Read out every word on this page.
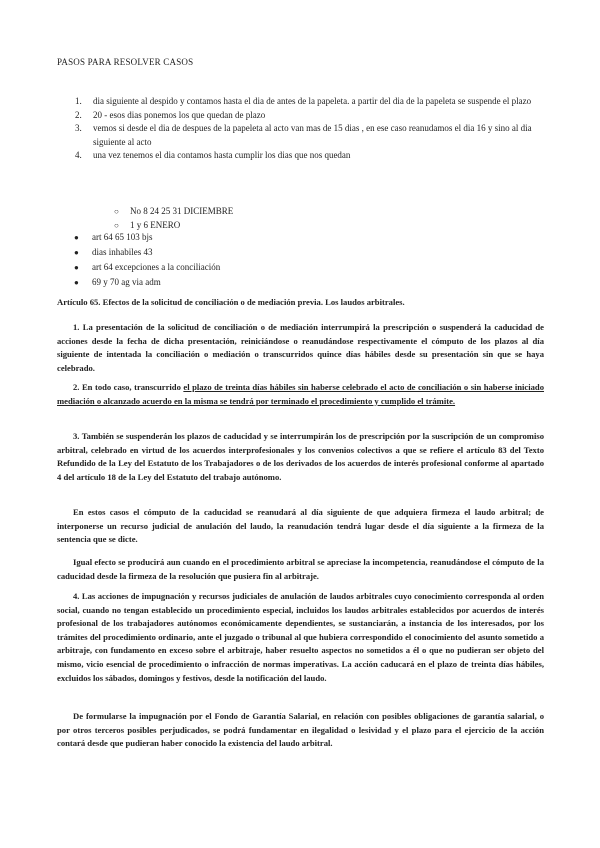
PASOS PARA RESOLVER CASOS
1. dia siguiente al despido y contamos hasta el dia de antes de la papeleta. a partir del dia de la papeleta se suspende el plazo
2. 20 - esos dias ponemos los que quedan de plazo
3. vemos si desde el dia de despues de la papeleta al acto van mas de 15 dias , en ese caso reanudamos el dia 16 y sino al dia siguiente al acto
4. una vez tenemos el dia contamos hasta cumplir los dias que nos quedan
○ No 8 24 25 31 DICIEMBRE
○ 1 y 6 ENERO
● art 64 65 103 bjs
● dias inhabiles 43
● art 64 excepciones a la conciliación
● 69 y 70 ag via adm
Artículo 65. Efectos de la solicitud de conciliación o de mediación previa. Los laudos arbitrales.
1. La presentación de la solicitud de conciliación o de mediación interrumpirá la prescripción o suspenderá la caducidad de acciones desde la fecha de dicha presentación, reiniciándose o reanudándose respectivamente el cómputo de los plazos al día siguiente de intentada la conciliación o mediación o transcurridos quince días hábiles desde su presentación sin que se haya celebrado.
2. En todo caso, transcurrido el plazo de treinta días hábiles sin haberse celebrado el acto de conciliación o sin haberse iniciado mediación o alcanzado acuerdo en la misma se tendrá por terminado el procedimiento y cumplido el trámite.
3. También se suspenderán los plazos de caducidad y se interrumpirán los de prescripción por la suscripción de un compromiso arbitral, celebrado en virtud de los acuerdos interprofesionales y los convenios colectivos a que se refiere el artículo 83 del Texto Refundido de la Ley del Estatuto de los Trabajadores o de los derivados de los acuerdos de interés profesional conforme al apartado 4 del artículo 18 de la Ley del Estatuto del trabajo autónomo.
En estos casos el cómputo de la caducidad se reanudará al día siguiente de que adquiera firmeza el laudo arbitral; de interponerse un recurso judicial de anulación del laudo, la reanudación tendrá lugar desde el día siguiente a la firmeza de la sentencia que se dicte.
Igual efecto se producirá aun cuando en el procedimiento arbitral se apreciase la incompetencia, reanudándose el cómputo de la caducidad desde la firmeza de la resolución que pusiera fin al arbitraje.
4. Las acciones de impugnación y recursos judiciales de anulación de laudos arbitrales cuyo conocimiento corresponda al orden social, cuando no tengan establecido un procedimiento especial, incluidos los laudos arbitrales establecidos por acuerdos de interés profesional de los trabajadores autónomos económicamente dependientes, se sustanciarán, a instancia de los interesados, por los trámites del procedimiento ordinario, ante el juzgado o tribunal al que hubiera correspondido el conocimiento del asunto sometido a arbitraje, con fundamento en exceso sobre el arbitraje, haber resuelto aspectos no sometidos a él o que no pudieran ser objeto del mismo, vicio esencial de procedimiento o infracción de normas imperativas. La acción caducará en el plazo de treinta días hábiles, excluidos los sábados, domingos y festivos, desde la notificación del laudo.
De formularse la impugnación por el Fondo de Garantía Salarial, en relación con posibles obligaciones de garantía salarial, o por otros terceros posibles perjudicados, se podrá fundamentar en ilegalidad o lesividad y el plazo para el ejercicio de la acción contará desde que pudieran haber conocido la existencia del laudo arbitral.
